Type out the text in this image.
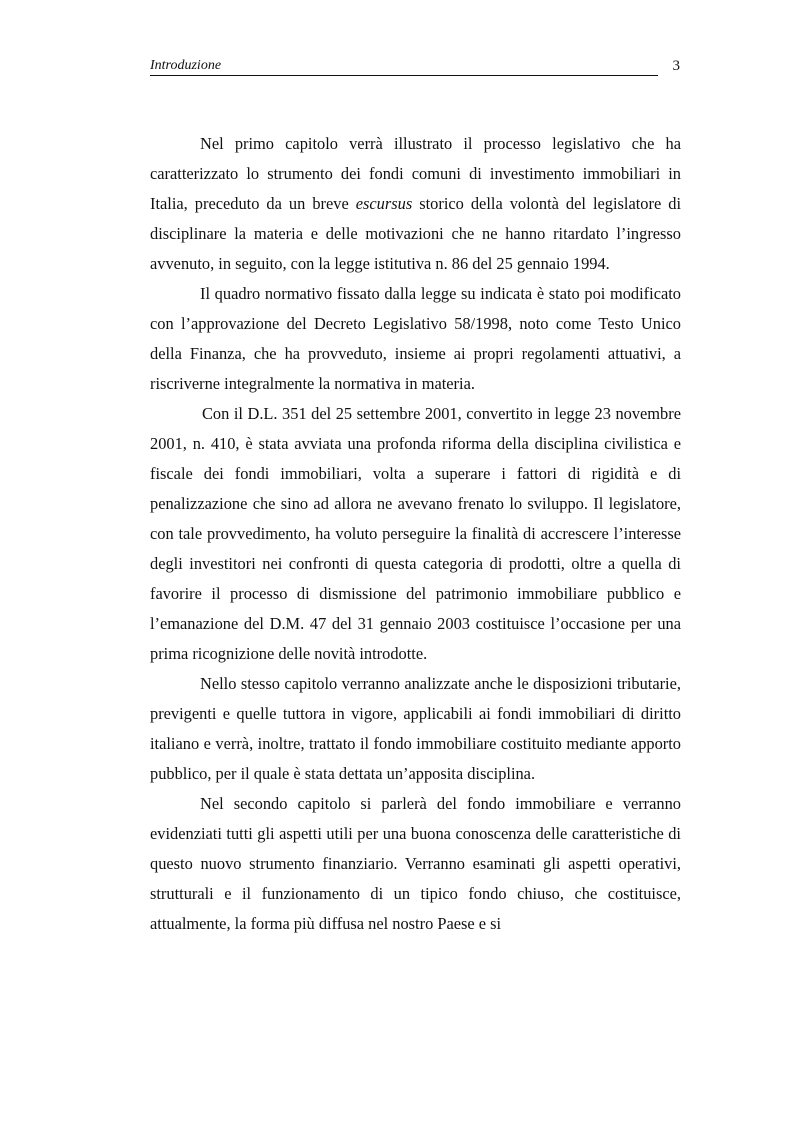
Introduzione	3

Nel primo capitolo verrà illustrato il processo legislativo che ha caratterizzato lo strumento dei fondi comuni di investimento immobiliari in Italia, preceduto da un breve escursus storico della volontà del legislatore di disciplinare la materia e delle motivazioni che ne hanno ritardato l’ingresso avvenuto, in seguito, con la legge istitutiva n. 86 del 25 gennaio 1994.

Il quadro normativo fissato dalla legge su indicata è stato poi modificato con l’approvazione del Decreto Legislativo 58/1998, noto come Testo Unico della Finanza, che ha provveduto, insieme ai propri regolamenti attuativi, a riscriverne integralmente la normativa in materia.

Con il D.L. 351 del 25 settembre 2001, convertito in legge 23 novembre 2001, n. 410, è stata avviata una profonda riforma della disciplina civilistica e fiscale dei fondi immobiliari, volta a superare i fattori di rigidità e di penalizzazione che sino ad allora ne avevano frenato lo sviluppo. Il legislatore, con tale provvedimento, ha voluto perseguire la finalità di accrescere l’interesse degli investitori nei confronti di questa categoria di prodotti, oltre a quella di favorire il processo di dismissione del patrimonio immobiliare pubblico e l’emanazione del D.M. 47 del 31 gennaio 2003 costituisce l’occasione per una prima ricognizione delle novità introdotte.

Nello stesso capitolo verranno analizzate anche le disposizioni tributarie, previgenti e quelle tuttora in vigore, applicabili ai fondi immobiliari di diritto italiano e verrà, inoltre, trattato il fondo immobiliare costituito mediante apporto pubblico, per il quale è stata dettata un’apposita disciplina.

Nel secondo capitolo si parlerà del fondo immobiliare e verranno evidenziati tutti gli aspetti utili per una buona conoscenza delle caratteristiche di questo nuovo strumento finanziario. Verranno esaminati gli aspetti operativi, strutturali e il funzionamento di un tipico fondo chiuso, che costituisce, attualmente, la forma più diffusa nel nostro Paese e si
